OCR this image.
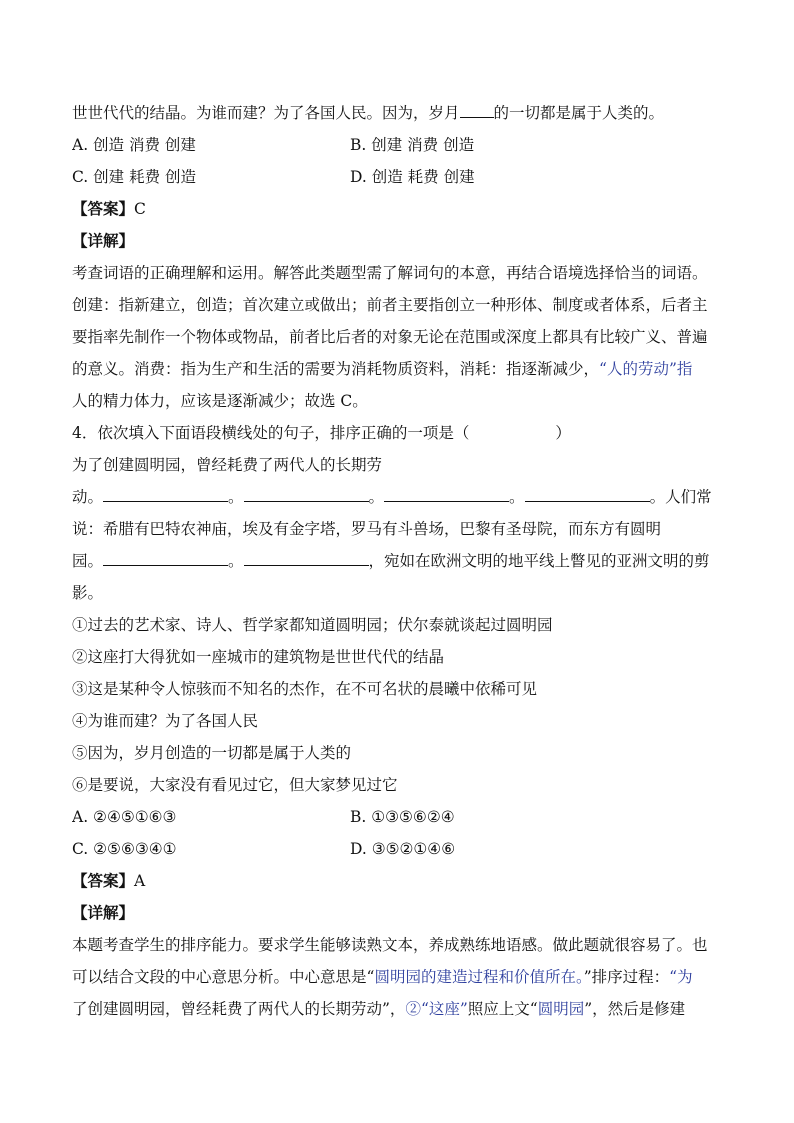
世世代代的结晶。为谁而建？为了各国人民。因为，岁月 的一切都是属于人类的。
A. 创造 消费 创建	B. 创建 消费 创造
C. 创建 耗费 创造	D. 创造 耗费 创建
【答案】C
【详解】
考查词语的正确理解和运用。解答此类题型需了解词句的本意，再结合语境选择恰当的词语。
创建：指新建立，创造；首次建立或做出；前者主要指创立一种形体、制度或者体系，后者主
要指率先制作一个物体或物品，前者比后者的对象无论在范围或深度上都具有比较广义、普遍
的意义。消费：指为生产和生活的需要为消耗物质资料，消耗：指逐渐减少，“人的劳动”指
人的精力体力，应该是逐渐减少；故选 C。
4．依次填入下面语段横线处的句子，排序正确的一项是（	）
为了创建圆明园，曾经耗费了两代人的长期劳
动。	。	。	。	。人们常
说：希腊有巴特农神庙，埃及有金字塔，罗马有斗兽场，巴黎有圣母院，而东方有圆明
园。	。	，宛如在欧洲文明的地平线上瞥见的亚洲文明的剪
影。
①过去的艺术家、诗人、哲学家都知道圆明园；伏尔泰就谈起过圆明园
②这座打大得犹如一座城市的建筑物是世世代代的结晶
③这是某种令人惊骇而不知名的杰作，在不可名状的晨曦中依稀可见
④为谁而建？为了各国人民
⑤因为，岁月创造的一切都是属于人类的
⑥是要说，大家没有看见过它，但大家梦见过它
A. ②④⑤①⑥③	B. ①③⑤⑥②④
C. ②⑤⑥③④①	D. ③⑤②①④⑥
【答案】A
【详解】
本题考查学生的排序能力。要求学生能够读熟文本，养成熟练地语感。做此题就很容易了。也
可以结合文段的中心意思分析。中心意思是“圆明园的建造过程和价值所在。”排序过程：“为
了创建圆明园，曾经耗费了两代人的长期劳动”，②“这座”照应上文“圆明园”，然后是修建
